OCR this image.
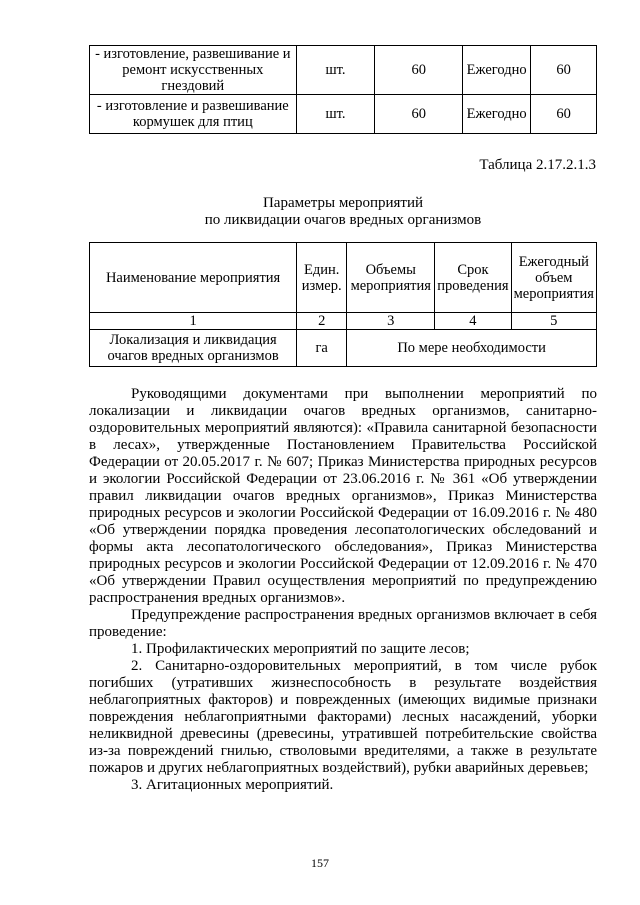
- изготовление, развешивание и ремонт искусственных гнездовий	шт.	60	Ежегодно	60
- изготовление и развешивание кормушек для птиц	шт.	60	Ежегодно	60
Таблица 2.17.2.1.3
Параметры мероприятий
по ликвидации очагов вредных организмов
Наименование мероприятия	Един. измер.	Объемы мероприятия	Срок проведения	Ежегодный объем мероприятия
1	2	3	4	5
Локализация и ликвидация очагов вредных организмов	га	По мере необходимости		

Руководящими документами при выполнении мероприятий по локализации и ликвидации очагов вредных организмов, санитарно-оздоровительных мероприятий являются): «Правила санитарной безопасности в лесах», утвержденные Постановлением Правительства Российской Федерации от 20.05.2017 г. № 607; Приказ Министерства природных ресурсов и экологии Российской Федерации от 23.06.2016 г. № 361 «Об утверждении правил ликвидации очагов вредных организмов», Приказ Министерства природных ресурсов и экологии Российской Федерации от 16.09.2016 г. № 480 «Об утверждении порядка проведения лесопатологических обследований и формы акта лесопатологического обследования», Приказ Министерства природных ресурсов и экологии Российской Федерации от 12.09.2016 г. № 470 «Об утверждении Правил осуществления мероприятий по предупреждению распространения вредных организмов».

Предупреждение распространения вредных организмов включает в себя проведение:

1. Профилактических мероприятий по защите лесов;

2. Санитарно-оздоровительных мероприятий, в том числе рубок погибших (утративших жизнеспособность в результате воздействия неблагоприятных факторов) и поврежденных (имеющих видимые признаки повреждения неблагоприятными факторами) лесных насаждений, уборки неликвидной древесины (древесины, утратившей потребительские свойства из-за повреждений гнилью, стволовыми вредителями, а также в результате пожаров и других неблагоприятных воздействий), рубки аварийных деревьев;

3. Агитационных мероприятий.

157
